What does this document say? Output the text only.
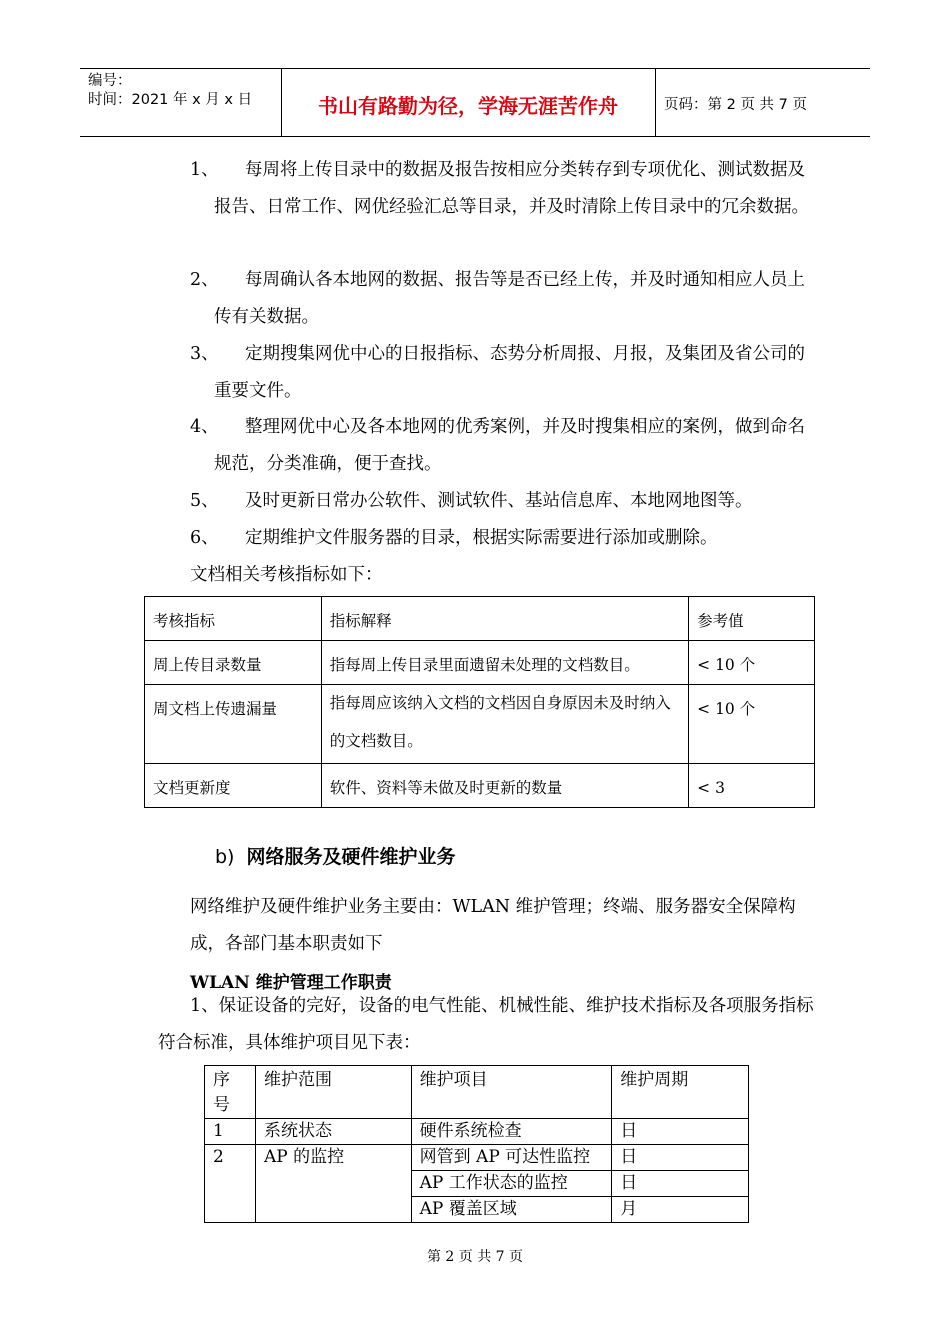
编号：
时间：2021 年 x 月 x 日	书山有路勤为径，学海无涯苦作舟	页码：第 2 页 共 7 页
1、	每周将上传目录中的数据及报告按相应分类转存到专项优化、测试数据及报告、日常工作、网优经验汇总等目录，并及时清除上传目录中的冗余数据。
2、	每周确认各本地网的数据、报告等是否已经上传，并及时通知相应人员上传有关数据。
3、	定期搜集网优中心的日报指标、态势分析周报、月报，及集团及省公司的重要文件。
4、	整理网优中心及各本地网的优秀案例，并及时搜集相应的案例，做到命名规范，分类准确，便于查找。
5、	及时更新日常办公软件、测试软件、基站信息库、本地网地图等。
6、	定期维护文件服务器的目录，根据实际需要进行添加或删除。
文档相关考核指标如下：
考核指标	指标解释	参考值
周上传目录数量	指每周上传目录里面遗留未处理的文档数目。	< 10 个
周文档上传遗漏量	指每周应该纳入文档的文档因自身原因未及时纳入的文档数目。	< 10 个
文档更新度	软件、资料等未做及时更新的数量	< 3
b) 网络服务及硬件维护业务
网络维护及硬件维护业务主要由：WLAN 维护管理；终端、服务器安全保障构成，各部门基本职责如下
WLAN 维护管理工作职责
1、保证设备的完好，设备的电气性能、机械性能、维护技术指标及各项服务指标符合标准，具体维护项目见下表：
序号	维护范围	维护项目	维护周期
1	系统状态	硬件系统检查	日
2	AP 的监控	网管到 AP 可达性监控	日
		AP 工作状态的监控	日
		AP 覆盖区域	月
第 2 页 共 7 页
